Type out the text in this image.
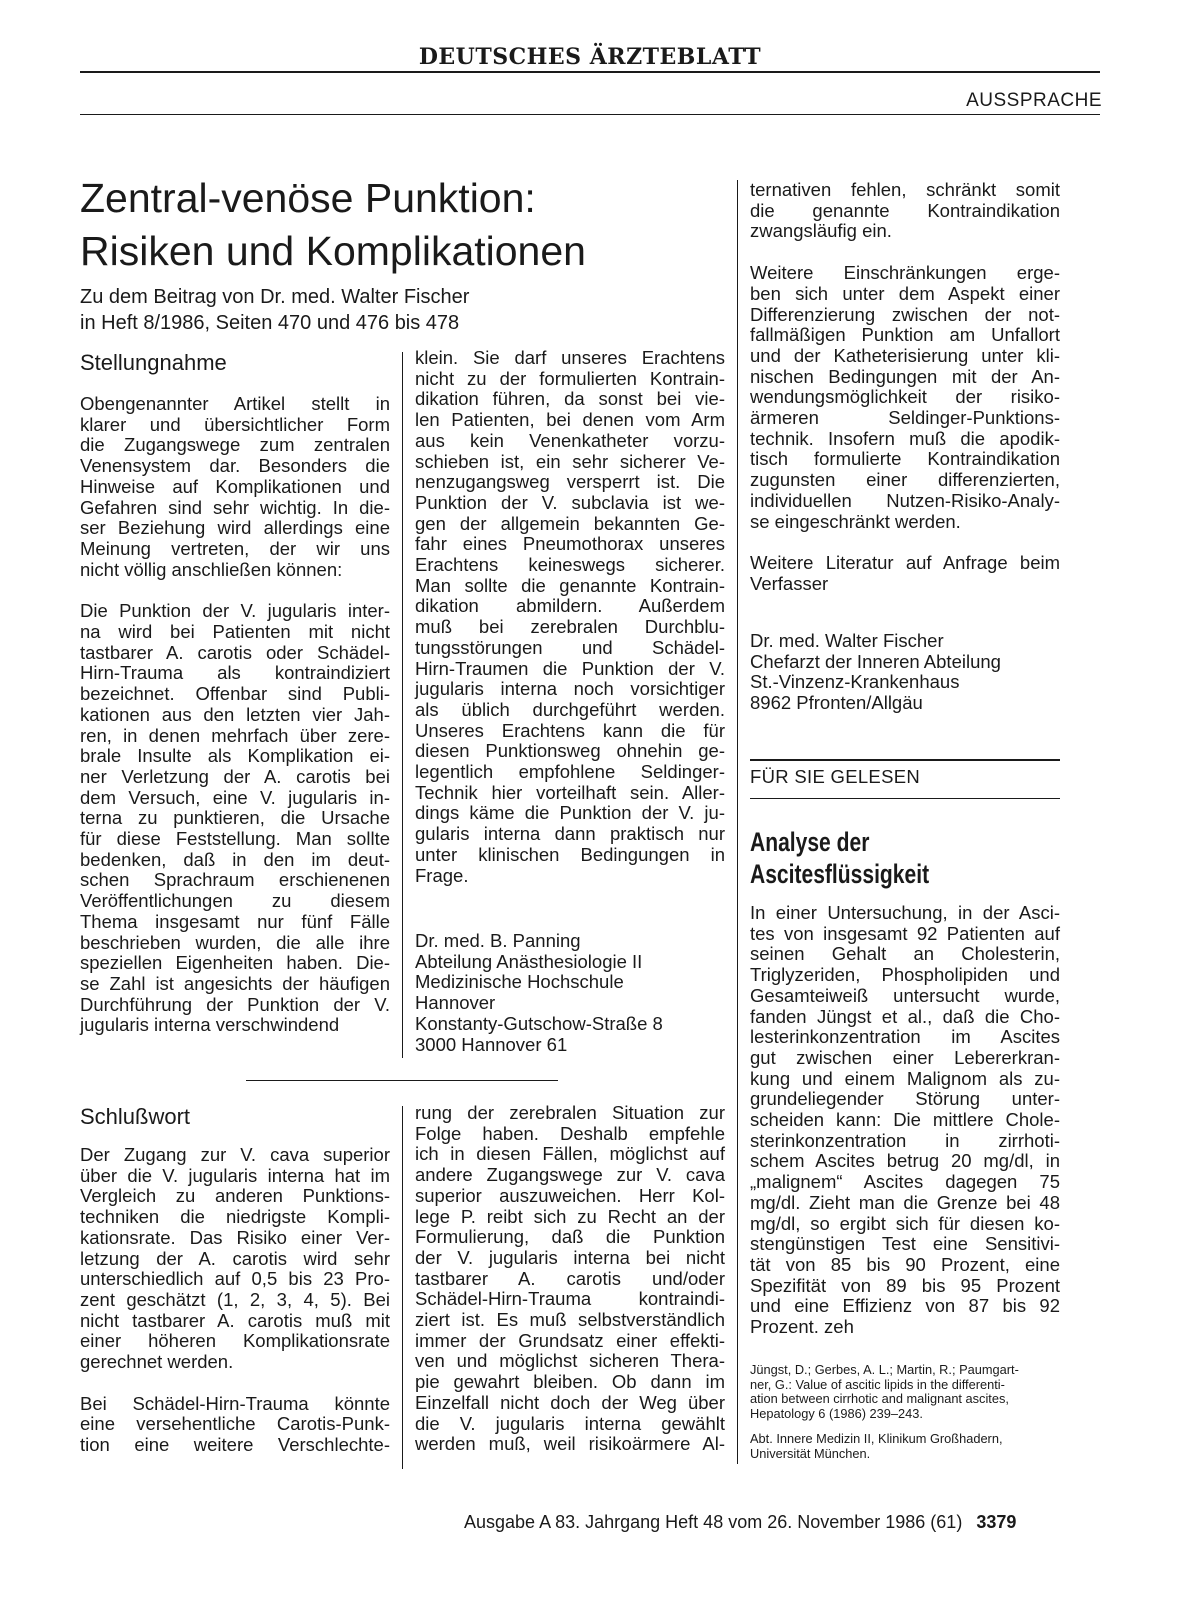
DEUTSCHES ÄRZTEBLATT
AUSSPRACHE
Zentral-venöse Punktion:
Risiken und Komplikationen
Zu dem Beitrag von Dr. med. Walter Fischer
in Heft 8/1986, Seiten 470 und 476 bis 478
Stellungnahme

Obengenannter Artikel stellt in

klarer und übersichtlicher Form

die Zugangswege zum zentralen

Venensystem dar. Besonders die

Hinweise auf Komplikationen und

Gefahren sind sehr wichtig. In die-

ser Beziehung wird allerdings eine

Meinung vertreten, der wir uns

nicht völlig anschließen können:

Die Punktion der V. jugularis inter-

na wird bei Patienten mit nicht

tastbarer A. carotis oder Schädel-

Hirn-Trauma als kontraindiziert

bezeichnet. Offenbar sind Publi-

kationen aus den letzten vier Jah-

ren, in denen mehrfach über zere-

brale Insulte als Komplikation ei-

ner Verletzung der A. carotis bei

dem Versuch, eine V. jugularis in-

terna zu punktieren, die Ursache

für diese Feststellung. Man sollte

bedenken, daß in den im deut-

schen Sprachraum erschienenen

Veröffentlichungen zu diesem

Thema insgesamt nur fünf Fälle

beschrieben wurden, die alle ihre

speziellen Eigenheiten haben. Die-

se Zahl ist angesichts der häufigen

Durchführung der Punktion der V.

jugularis interna verschwindend

klein. Sie darf unseres Erachtens

nicht zu der formulierten Kontrain-

dikation führen, da sonst bei vie-

len Patienten, bei denen vom Arm

aus kein Venenkatheter vorzu-

schieben ist, ein sehr sicherer Ve-

nenzugangsweg versperrt ist. Die

Punktion der V. subclavia ist we-

gen der allgemein bekannten Ge-

fahr eines Pneumothorax unseres

Erachtens keineswegs sicherer.

Man sollte die genannte Kontrain-

dikation abmildern. Außerdem

muß bei zerebralen Durchblu-

tungsstörungen und Schädel-

Hirn-Traumen die Punktion der V.

jugularis interna noch vorsichtiger

als üblich durchgeführt werden.

Unseres Erachtens kann die für

diesen Punktionsweg ohnehin ge-

legentlich empfohlene Seldinger-

Technik hier vorteilhaft sein. Aller-

dings käme die Punktion der V. ju-

gularis interna dann praktisch nur

unter klinischen Bedingungen in

Frage.

Dr. med. B. Panning
Abteilung Anästhesiologie II
Medizinische Hochschule
Hannover
Konstanty-Gutschow-Straße 8
3000 Hannover 61
Schlußwort

Der Zugang zur V. cava superior

über die V. jugularis interna hat im

Vergleich zu anderen Punktions-

techniken die niedrigste Kompli-

kationsrate. Das Risiko einer Ver-

letzung der A. carotis wird sehr

unterschiedlich auf 0,5 bis 23 Pro-

zent geschätzt (1, 2, 3, 4, 5). Bei

nicht tastbarer A. carotis muß mit

einer höheren Komplikationsrate

gerechnet werden.

Bei Schädel-Hirn-Trauma könnte

eine versehentliche Carotis-Punk-

tion eine weitere Verschlechte-

rung der zerebralen Situation zur

Folge haben. Deshalb empfehle

ich in diesen Fällen, möglichst auf

andere Zugangswege zur V. cava

superior auszuweichen. Herr Kol-

lege P. reibt sich zu Recht an der

Formulierung, daß die Punktion

der V. jugularis interna bei nicht

tastbarer A. carotis und/oder

Schädel-Hirn-Trauma kontraindi-

ziert ist. Es muß selbstverständlich

immer der Grundsatz einer effekti-

ven und möglichst sicheren Thera-

pie gewahrt bleiben. Ob dann im

Einzelfall nicht doch der Weg über

die V. jugularis interna gewählt

werden muß, weil risikoärmere Al-

ternativen fehlen, schränkt somit

die genannte Kontraindikation

zwangsläufig ein.

Weitere Einschränkungen erge-

ben sich unter dem Aspekt einer

Differenzierung zwischen der not-

fallmäßigen Punktion am Unfallort

und der Katheterisierung unter kli-

nischen Bedingungen mit der An-

wendungsmöglichkeit der risiko-

ärmeren Seldinger-Punktions-

technik. Insofern muß die apodik-

tisch formulierte Kontraindikation

zugunsten einer differenzierten,

individuellen Nutzen-Risiko-Analy-

se eingeschränkt werden.

Weitere Literatur auf Anfrage beim

Verfasser

Dr. med. Walter Fischer
Chefarzt der Inneren Abteilung
St.-Vinzenz-Krankenhaus
8962 Pfronten/Allgäu
FÜR SIE GELESEN
Analyse der
Ascitesflüssigkeit

In einer Untersuchung, in der Asci-

tes von insgesamt 92 Patienten auf

seinen Gehalt an Cholesterin,

Triglyzeriden, Phospholipiden und

Gesamteiweiß untersucht wurde,

fanden Jüngst et al., daß die Cho-

lesterinkonzentration im Ascites

gut zwischen einer Lebererkran-

kung und einem Malignom als zu-

grundeliegender Störung unter-

scheiden kann: Die mittlere Chole-

sterinkonzentration in zirrhoti-

schem Ascites betrug 20 mg/dl, in

„malignem“ Ascites dagegen 75

mg/dl. Zieht man die Grenze bei 48

mg/dl, so ergibt sich für diesen ko-

stengünstigen Test eine Sensitivi-

tät von 85 bis 90 Prozent, eine

Spezifität von 89 bis 95 Prozent

und eine Effizienz von 87 bis 92

Prozent. zeh

Jüngst, D.; Gerbes, A. L.; Martin, R.; Paumgart-
ner, G.: Value of ascitic lipids in the differenti-
ation between cirrhotic and malignant ascites,
Hepatology 6 (1986) 239–243.
Abt. Innere Medizin II, Klinikum Großhadern,
Universität München.
Ausgabe A 83. Jahrgang Heft 48 vom 26. November 1986 (61) 3379
